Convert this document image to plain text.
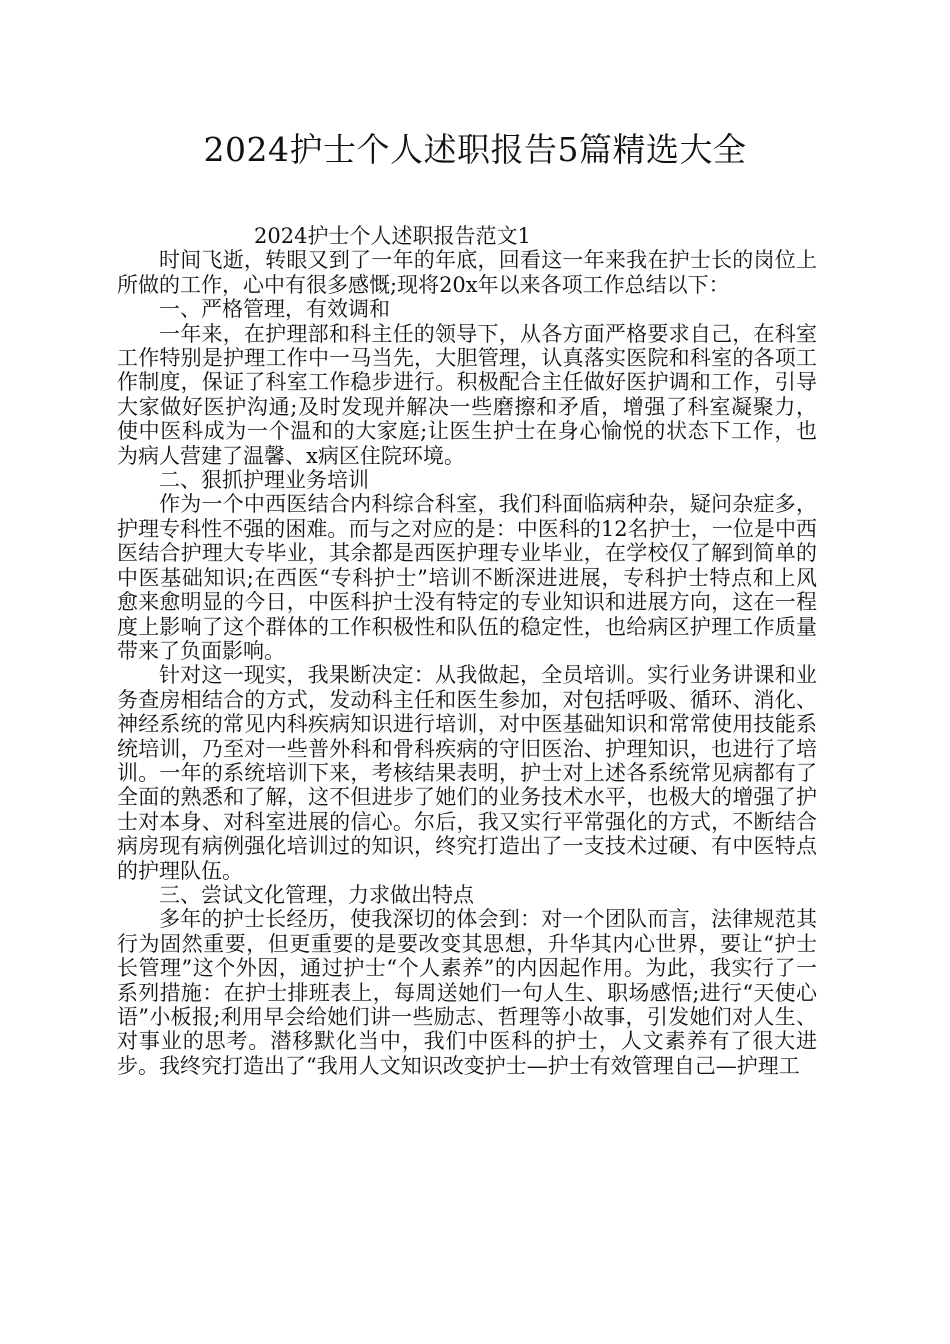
2024护士个人述职报告5篇精选大全

2024护士个人述职报告范文1

时间飞逝，转眼又到了一年的年底，回看这一年来我在护士长的岗位上所做的工作，心中有很多感慨;现将20x年以来各项工作总结以下：

一、严格管理，有效调和

一年来，在护理部和科主任的领导下，从各方面严格要求自己，在科室工作特别是护理工作中一马当先，大胆管理，认真落实医院和科室的各项工作制度，保证了科室工作稳步进行。积极配合主任做好医护调和工作，引导大家做好医护沟通;及时发现并解决一些磨擦和矛盾，增强了科室凝聚力，使中医科成为一个温和的大家庭;让医生护士在身心愉悦的状态下工作，也为病人营建了温馨、x病区住院环境。

二、狠抓护理业务培训

作为一个中西医结合内科综合科室，我们科面临病种杂，疑问杂症多，护理专科性不强的困难。而与之对应的是：中医科的12名护士，一位是中西医结合护理大专毕业，其余都是西医护理专业毕业，在学校仅了解到简单的中医基础知识;在西医“专科护士”培训不断深进进展，专科护士特点和上风愈来愈明显的今日，中医科护士没有特定的专业知识和进展方向，这在一程度上影响了这个群体的工作积极性和队伍的稳定性，也给病区护理工作质量带来了负面影响。

针对这一现实，我果断决定：从我做起，全员培训。实行业务讲课和业务查房相结合的方式，发动科主任和医生参加，对包括呼吸、循环、消化、神经系统的常见内科疾病知识进行培训，对中医基础知识和常常使用技能系统培训，乃至对一些普外科和骨科疾病的守旧医治、护理知识，也进行了培训。一年的系统培训下来，考核结果表明，护士对上述各系统常见病都有了全面的熟悉和了解，这不但进步了她们的业务技术水平，也极大的增强了护士对本身、对科室进展的信心。尔后，我又实行平常强化的方式，不断结合病房现有病例强化培训过的知识，终究打造出了一支技术过硬、有中医特点的护理队伍。

三、尝试文化管理，力求做出特点

多年的护士长经历，使我深切的体会到：对一个团队而言，法律规范其行为固然重要，但更重要的是要改变其思想，升华其内心世界，要让“护士长管理”这个外因，通过护士“个人素养”的内因起作用。为此，我实行了一系列措施：在护士排班表上，每周送她们一句人生、职场感悟;进行“天使心语”小板报;利用早会给她们讲一些励志、哲理等小故事，引发她们对人生、对事业的思考。潜移默化当中，我们中医科的护士，人文素养有了很大进步。我终究打造出了“我用人文知识改变护士—护士有效管理自己—护理工
